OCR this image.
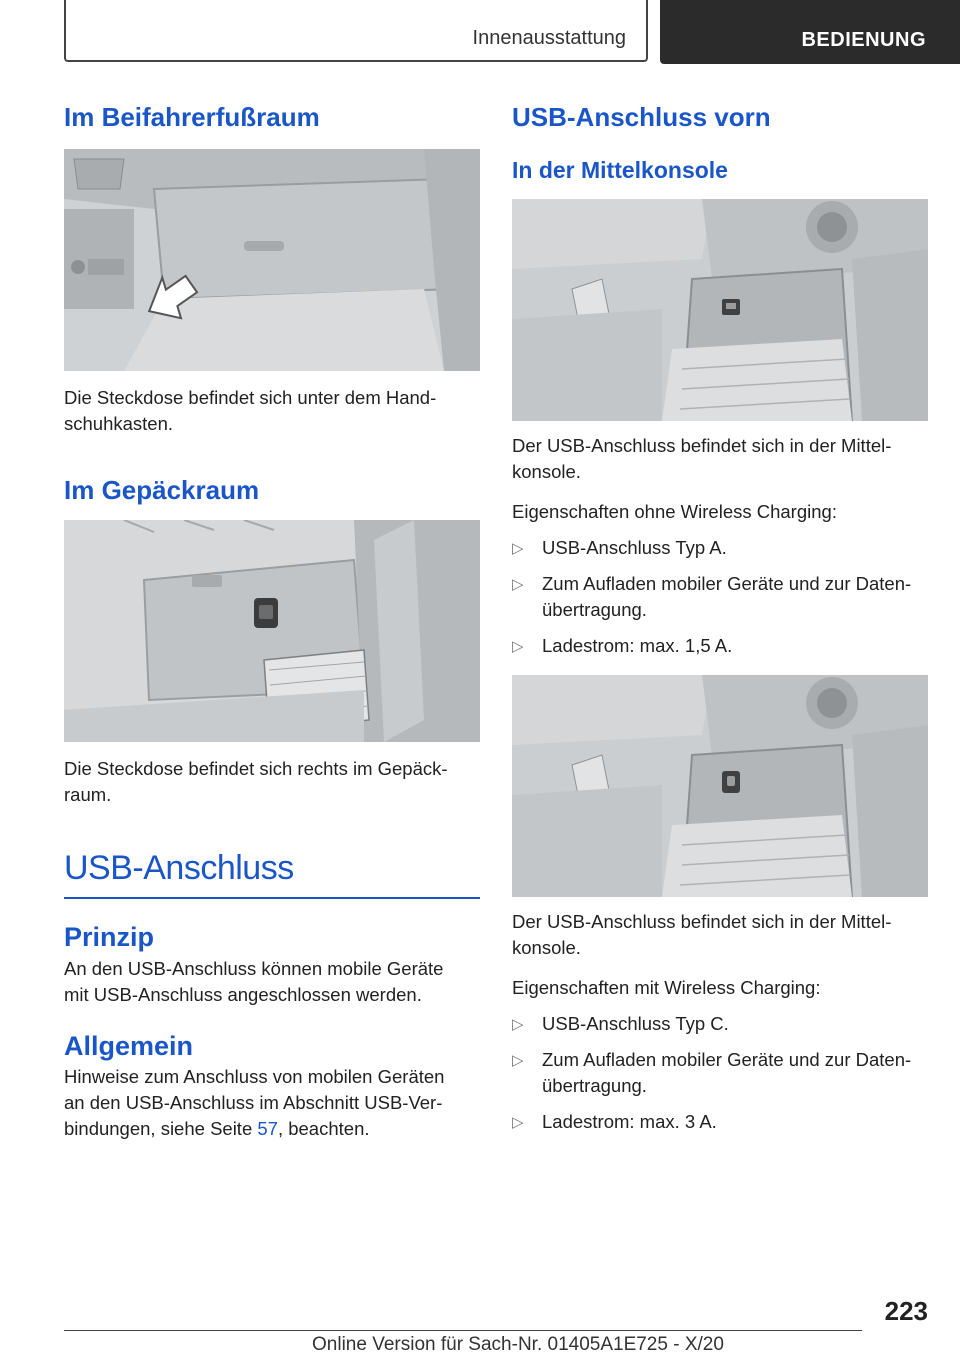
Innenausstattung	BEDIENUNG
Im Beifahrerfußraum

Die Steckdose befindet sich unter dem Hand-

schuhkasten.

Im Gepäckraum

Die Steckdose befindet sich rechts im Gepäck-

raum.

USB-Anschluss
Prinzip

An den USB-Anschluss können mobile Geräte

mit USB-Anschluss angeschlossen werden.

Allgemein

Hinweise zum Anschluss von mobilen Geräten

an den USB-Anschluss im Abschnitt USB-Ver-

bindungen, siehe Seite 57, beachten.

USB-Anschluss vorn
In der Mittelkonsole

Der USB-Anschluss befindet sich in der Mittel-

konsole.

Eigenschaften ohne Wireless Charging:

▷ USB-Anschluss Typ A.
▷ Zum Aufladen mobiler Geräte und zur Daten-
übertragung.
▷ Ladestrom: max. 1,5 A.

Der USB-Anschluss befindet sich in der Mittel-

konsole.

Eigenschaften mit Wireless Charging:

▷ USB-Anschluss Typ C.
▷ Zum Aufladen mobiler Geräte und zur Daten-
übertragung.
▷ Ladestrom: max. 3 A.
223
Online Version für Sach-Nr. 01405A1E725 - X/20
